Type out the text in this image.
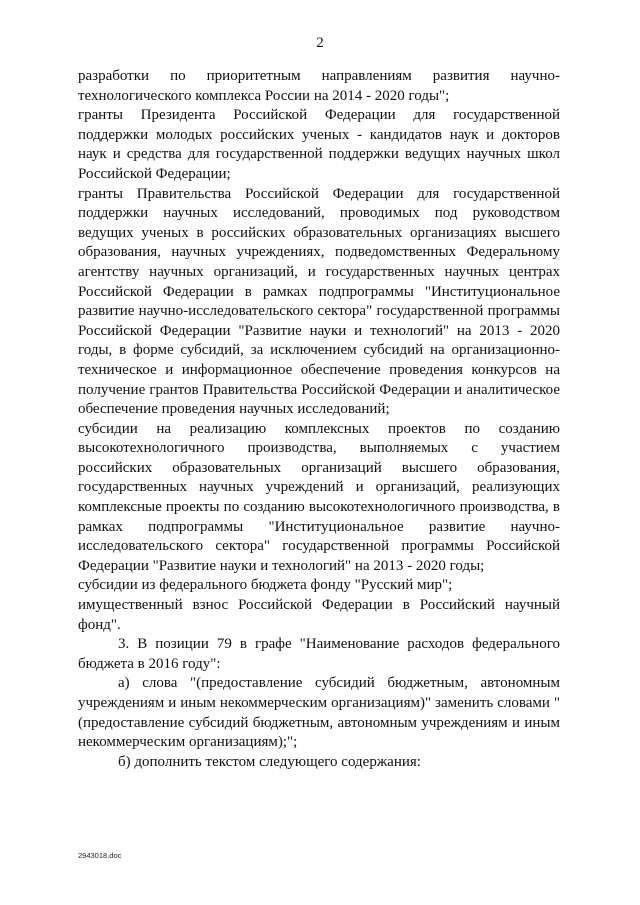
2

разработки по приоритетным направлениям развития научно-технологического комплекса России на 2014 - 2020 годы";

гранты Президента Российской Федерации для государственной поддержки молодых российских ученых - кандидатов наук и докторов наук и средства для государственной поддержки ведущих научных школ Российской Федерации;

гранты Правительства Российской Федерации для государственной поддержки научных исследований, проводимых под руководством ведущих ученых в российских образовательных организациях высшего образования, научных учреждениях, подведомственных Федеральному агентству научных организаций, и государственных научных центрах Российской Федерации в рамках подпрограммы "Институциональное развитие научно-исследовательского сектора" государственной программы Российской Федерации "Развитие науки и технологий" на 2013 - 2020 годы, в форме субсидий, за исключением субсидий на организационно-техническое и информационное обеспечение проведения конкурсов на получение грантов Правительства Российской Федерации и аналитическое обеспечение проведения научных исследований;

субсидии на реализацию комплексных проектов по созданию высокотехнологичного производства, выполняемых с участием российских образовательных организаций высшего образования, государственных научных учреждений и организаций, реализующих комплексные проекты по созданию высокотехнологичного производства, в рамках подпрограммы "Институциональное развитие научно-исследовательского сектора" государственной программы Российской Федерации "Развитие науки и технологий" на 2013 - 2020 годы;

субсидии из федерального бюджета фонду "Русский мир";

имущественный взнос Российской Федерации в Российский научный фонд".

3. В позиции 79 в графе "Наименование расходов федерального бюджета в 2016 году":

а) слова "(предоставление субсидий бюджетным, автономным учреждениям и иным некоммерческим организациям)" заменить словами "(предоставление субсидий бюджетным, автономным учреждениям и иным некоммерческим организациям);";

б) дополнить текстом следующего содержания:

2943018.doc
